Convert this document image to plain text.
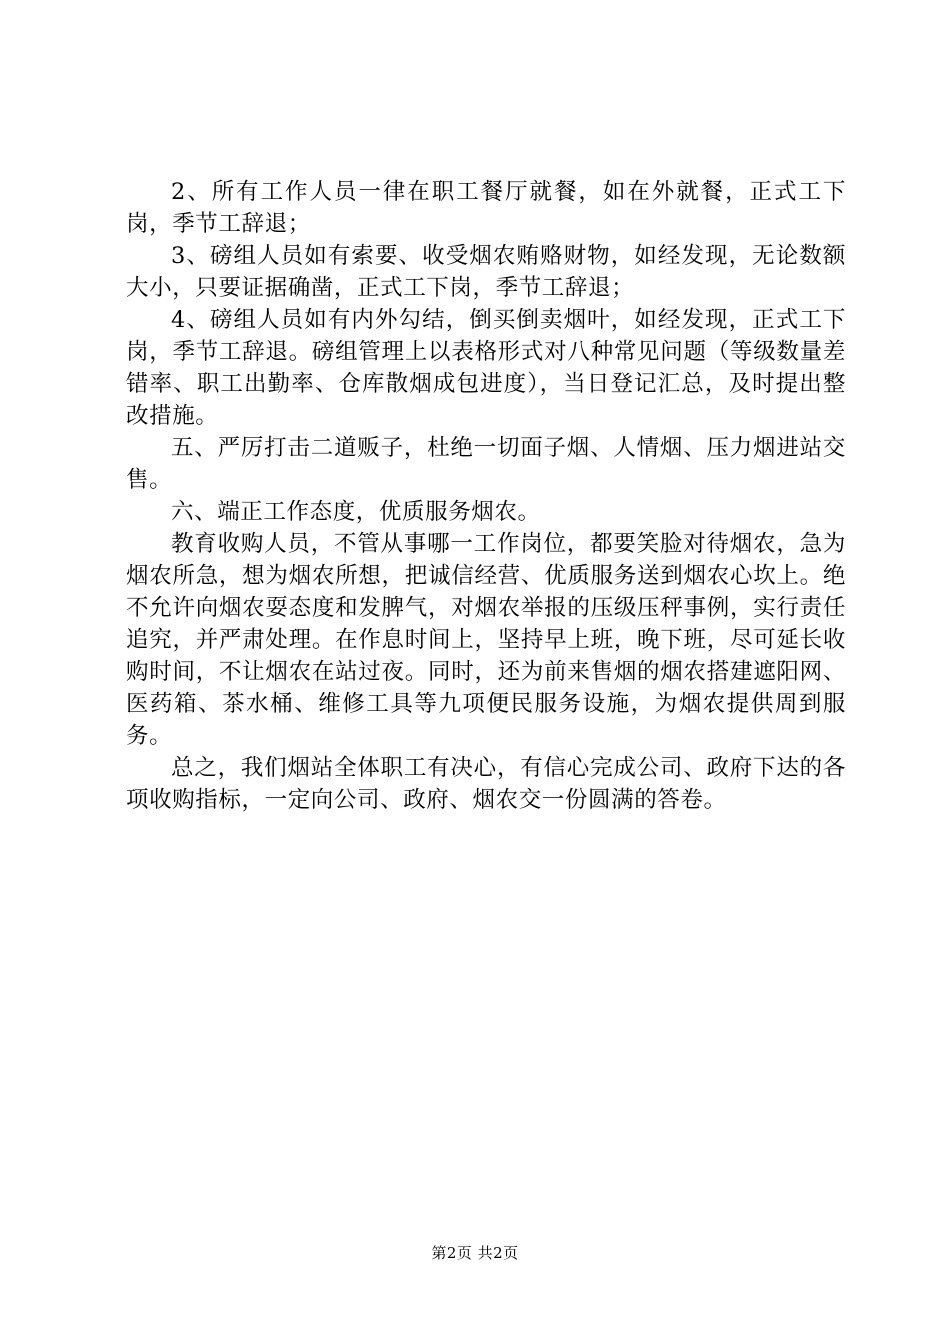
2、所有工作人员一律在职工餐厅就餐，如在外就餐，正式工下岗，季节工辞退；

3、磅组人员如有索要、收受烟农贿赂财物，如经发现，无论数额大小，只要证据确凿，正式工下岗，季节工辞退；

4、磅组人员如有内外勾结，倒买倒卖烟叶，如经发现，正式工下岗，季节工辞退。磅组管理上以表格形式对八种常见问题（等级数量差错率、职工出勤率、仓库散烟成包进度），当日登记汇总，及时提出整改措施。

五、严厉打击二道贩子，杜绝一切面子烟、人情烟、压力烟进站交售。

六、端正工作态度，优质服务烟农。

教育收购人员，不管从事哪一工作岗位，都要笑脸对待烟农，急为烟农所急，想为烟农所想，把诚信经营、优质服务送到烟农心坎上。绝不允许向烟农耍态度和发脾气，对烟农举报的压级压秤事例，实行责任追究，并严肃处理。在作息时间上，坚持早上班，晚下班，尽可延长收购时间，不让烟农在站过夜。同时，还为前来售烟的烟农搭建遮阳网、医药箱、茶水桶、维修工具等九项便民服务设施，为烟农提供周到服务。

总之，我们烟站全体职工有决心，有信心完成公司、政府下达的各项收购指标，一定向公司、政府、烟农交一份圆满的答卷。

第2页 共2页
